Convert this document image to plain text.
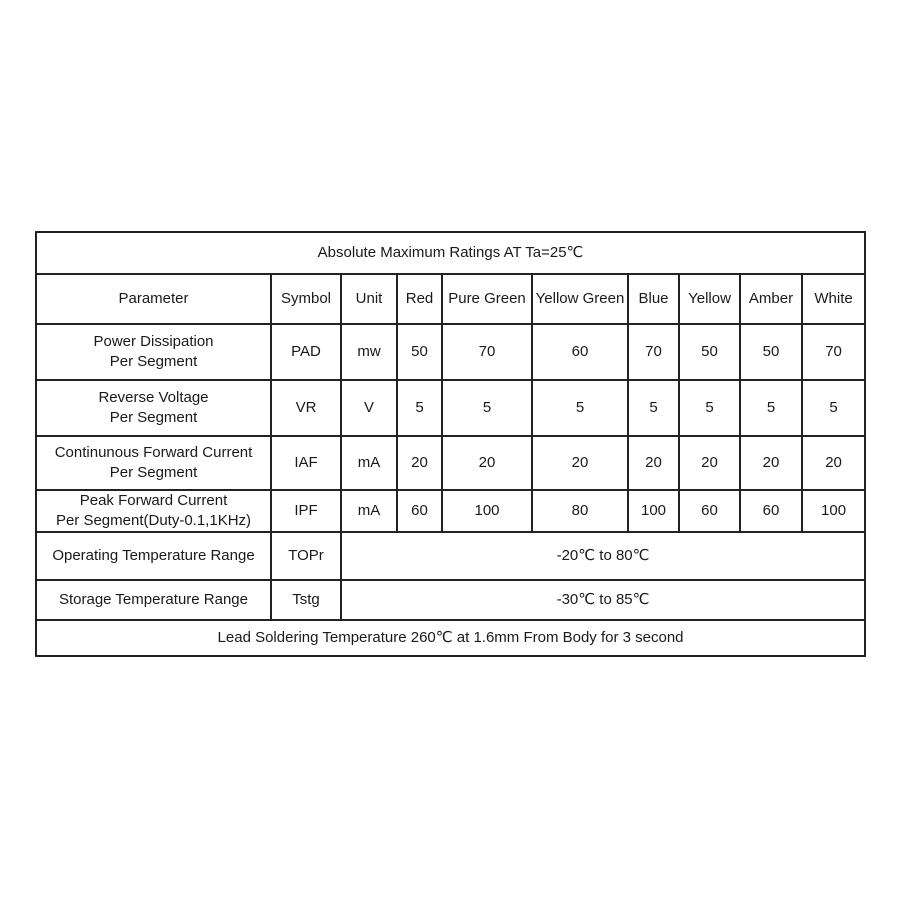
Absolute Maximum Ratings AT Ta=25℃									
Parameter	Symbol	Unit	Red	Pure Green	Yellow Green	Blue	Yellow	Amber	White

Power Dissipation
Per Segment	PAD	mw	50	70	60	70	50	50	70

Reverse Voltage
Per Segment	VR	V	5	5	5	5	5	5	5

Continunous Forward Current
Per Segment	IAF	mA	20	20	20	20	20	20	20

Peak Forward Current
Per Segment(Duty-0.1,1KHz)	IPF	mA	60	100	80	100	60	60	100
Operating Temperature Range	TOPr	-20℃ to 80℃							
Storage Temperature Range	Tstg	-30℃ to 85℃							
Lead Soldering Temperature 260℃ at 1.6mm From Body for 3 second									
